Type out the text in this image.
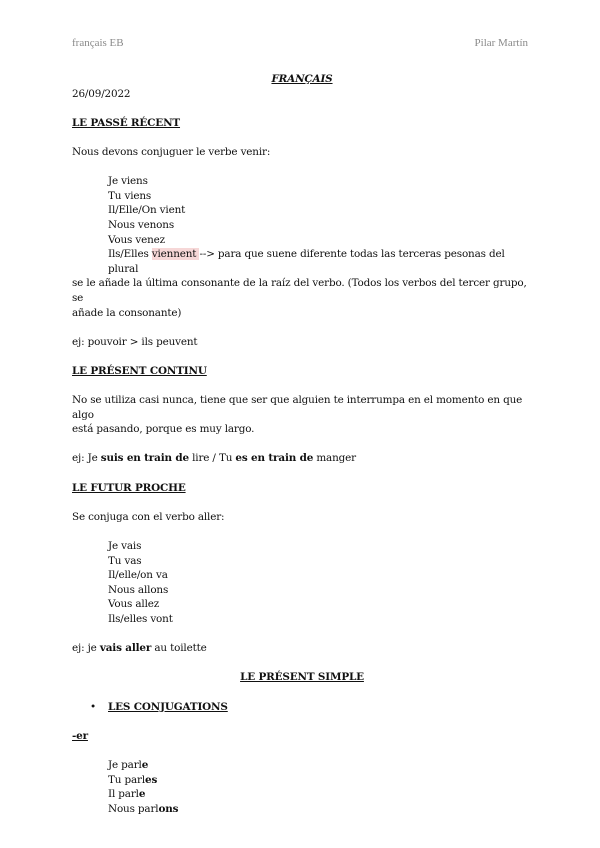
français EB	Pilar Martín

FRANÇAIS

26/09/2022

LE PASSÉ RÉCENT

Nous devons conjuguer le verbe venir:

Je viens

Tu viens

Il/Elle/On vient

Nous venons

Vous venez

Ils/Elles viennent --> para que suene diferente todas las terceras pesonas del plural

se le añade la última consonante de la raíz del verbo. (Todos los verbos del tercer grupo, se

añade la consonante)

ej: pouvoir > ils peuvent

LE PRÉSENT CONTINU

No se utiliza casi nunca, tiene que ser que alguien te interrumpa en el momento en que algo

está pasando, porque es muy largo.

ej: Je suis en train de lire / Tu es en train de manger

LE FUTUR PROCHE

Se conjuga con el verbo aller:

Je vais

Tu vas

Il/elle/on va

Nous allons

Vous allez

Ils/elles vont

ej: je vais aller au toilette

LE PRÉSENT SIMPLE

•	LES CONJUGATIONS

-er

Je parle

Tu parles

Il parle

Nous parlons
